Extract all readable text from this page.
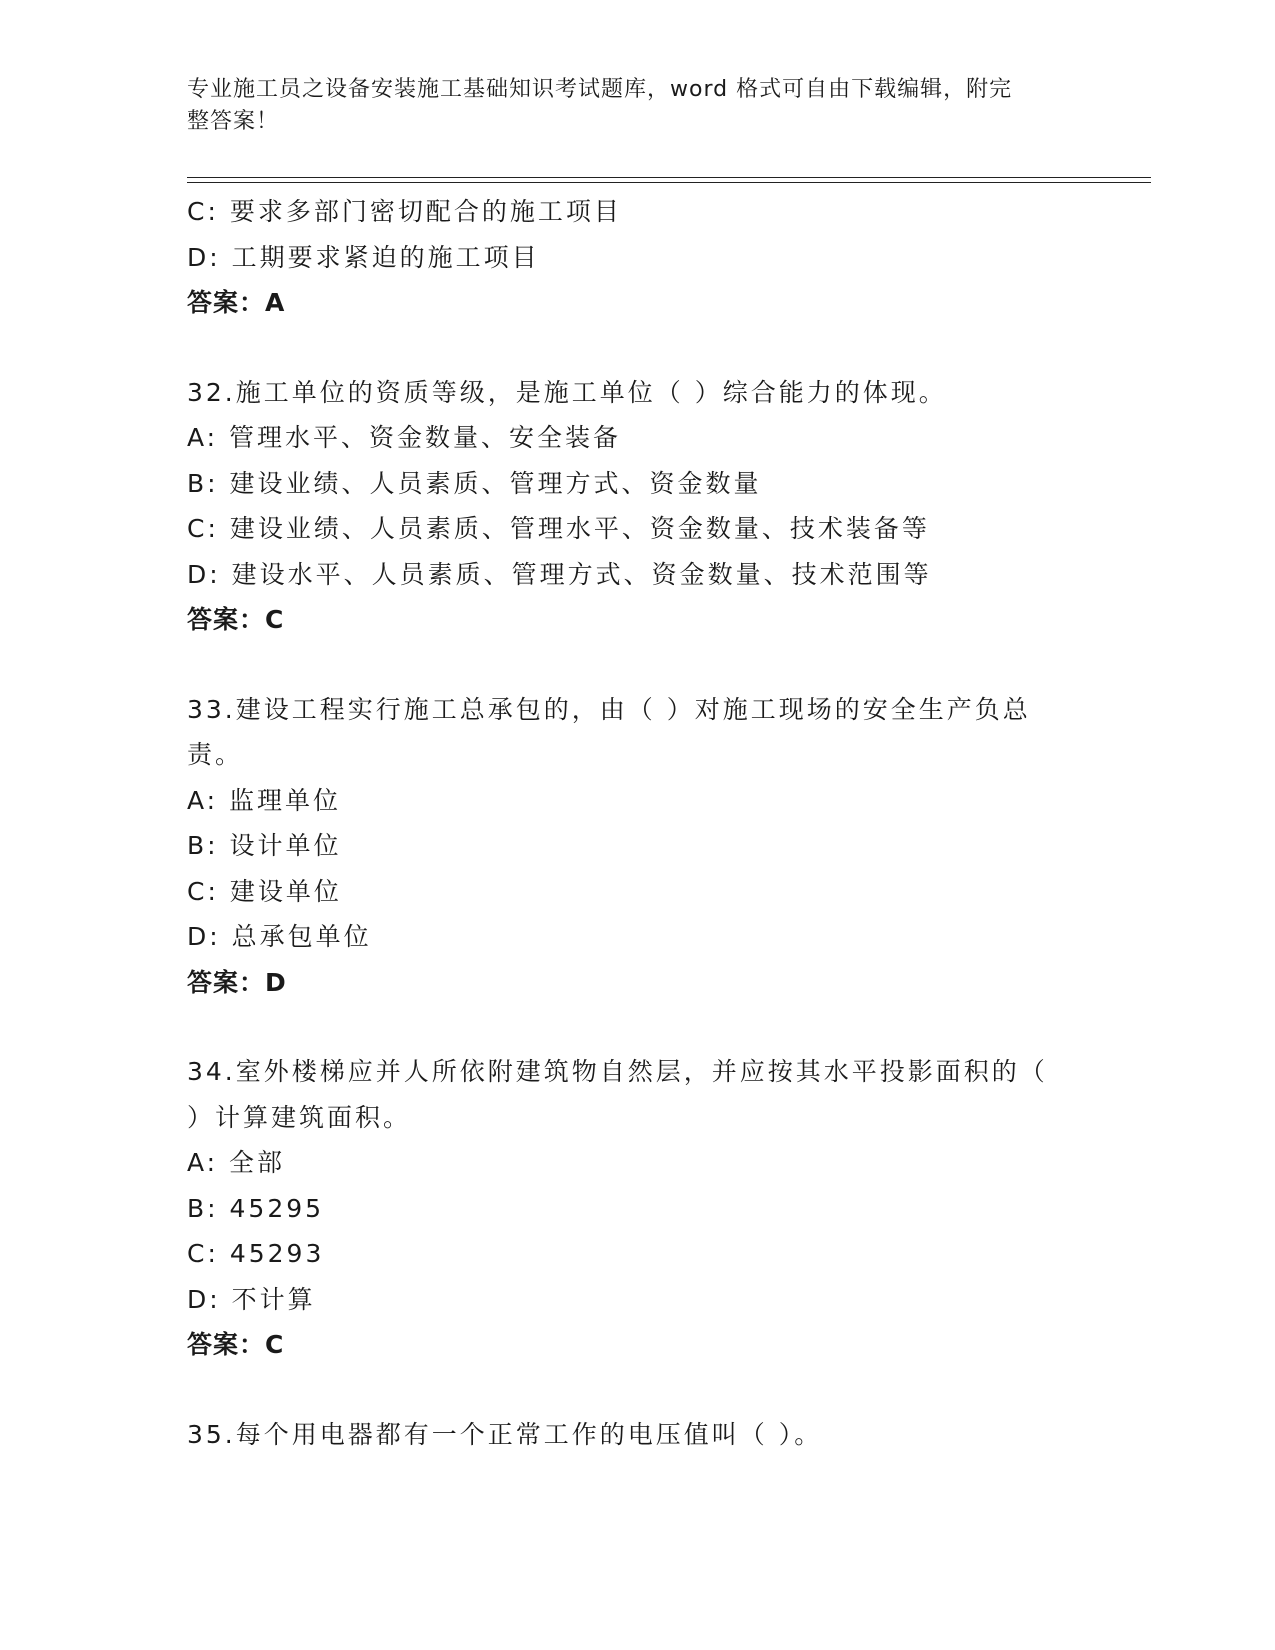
专业施工员之设备安装施工基础知识考试题库，word 格式可自由下载编辑，附完
整答案！
C: 要求多部门密切配合的施工项目
D: 工期要求紧迫的施工项目
答案：A
32.施工单位的资质等级，是施工单位（ ）综合能力的体现。
A: 管理水平、资金数量、安全装备
B: 建设业绩、人员素质、管理方式、资金数量
C: 建设业绩、人员素质、管理水平、资金数量、技术装备等
D: 建设水平、人员素质、管理方式、资金数量、技术范围等
答案：C
33.建设工程实行施工总承包的，由（ ）对施工现场的安全生产负总
责。
A: 监理单位
B: 设计单位
C: 建设单位
D: 总承包单位
答案：D
34.室外楼梯应并人所依附建筑物自然层，并应按其水平投影面积的（
）计算建筑面积。
A: 全部
B: 45295
C: 45293
D: 不计算
答案：C
35.每个用电器都有一个正常工作的电压值叫（ ）。
